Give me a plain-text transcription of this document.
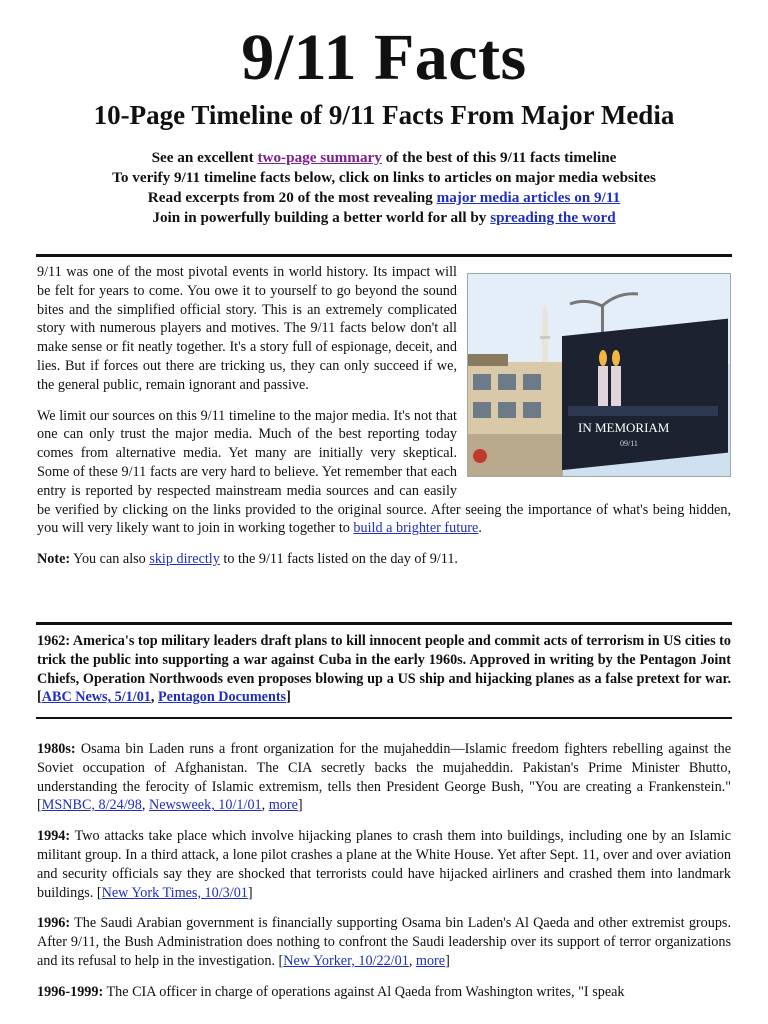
9/11 Facts
10-Page Timeline of 9/11 Facts From Major Media
See an excellent two-page summary of the best of this 9/11 facts timeline
To verify 9/11 timeline facts below, click on links to articles on major media websites
Read excerpts from 20 of the most revealing major media articles on 9/11
Join in powerfully building a better world for all by spreading the word
IN MEMORIAM
09/11

9/11 was one of the most pivotal events in world history. Its impact will be felt for years to come. You owe it to yourself to go beyond the sound bites and the simplified official story. This is an extremely complicated story with numerous players and motives. The 9/11 facts below don't all make sense or fit neatly together. It's a story full of espionage, deceit, and lies. But if forces out there are tricking us, they can only succeed if we, the general public, remain ignorant and passive.

We limit our sources on this 9/11 timeline to the major media. It's not that one can only trust the major media. Much of the best reporting today comes from alternative media. Yet many are initially very skeptical. Some of these 9/11 facts are very hard to believe. Yet remember that each entry is reported by respected mainstream media sources and can easily be verified by clicking on the links provided to the original source. After seeing the importance of what's being hidden, you will very likely want to join in working together to build a brighter future.

Note: You can also skip directly to the 9/11 facts listed on the day of 9/11.

1962: America's top military leaders draft plans to kill innocent people and commit acts of terrorism in US cities to trick the public into supporting a war against Cuba in the early 1960s. Approved in writing by the Pentagon Joint Chiefs, Operation Northwoods even proposes blowing up a US ship and hijacking planes as a false pretext for war. [ABC News, 5/1/01, Pentagon Documents]

1980s: Osama bin Laden runs a front organization for the mujaheddin—Islamic freedom fighters rebelling against the Soviet occupation of Afghanistan. The CIA secretly backs the mujaheddin. Pakistan's Prime Minister Bhutto, understanding the ferocity of Islamic extremism, tells then President George Bush, "You are creating a Frankenstein." [MSNBC, 8/24/98, Newsweek, 10/1/01, more]

1994: Two attacks take place which involve hijacking planes to crash them into buildings, including one by an Islamic militant group. In a third attack, a lone pilot crashes a plane at the White House. Yet after Sept. 11, over and over aviation and security officials say they are shocked that terrorists could have hijacked airliners and crashed them into landmark buildings. [New York Times, 10/3/01]

1996: The Saudi Arabian government is financially supporting Osama bin Laden's Al Qaeda and other extremist groups. After 9/11, the Bush Administration does nothing to confront the Saudi leadership over its support of terror organizations and its refusal to help in the investigation. [New Yorker, 10/22/01, more]

1996-1999: The CIA officer in charge of operations against Al Qaeda from Washington writes, "I speak
